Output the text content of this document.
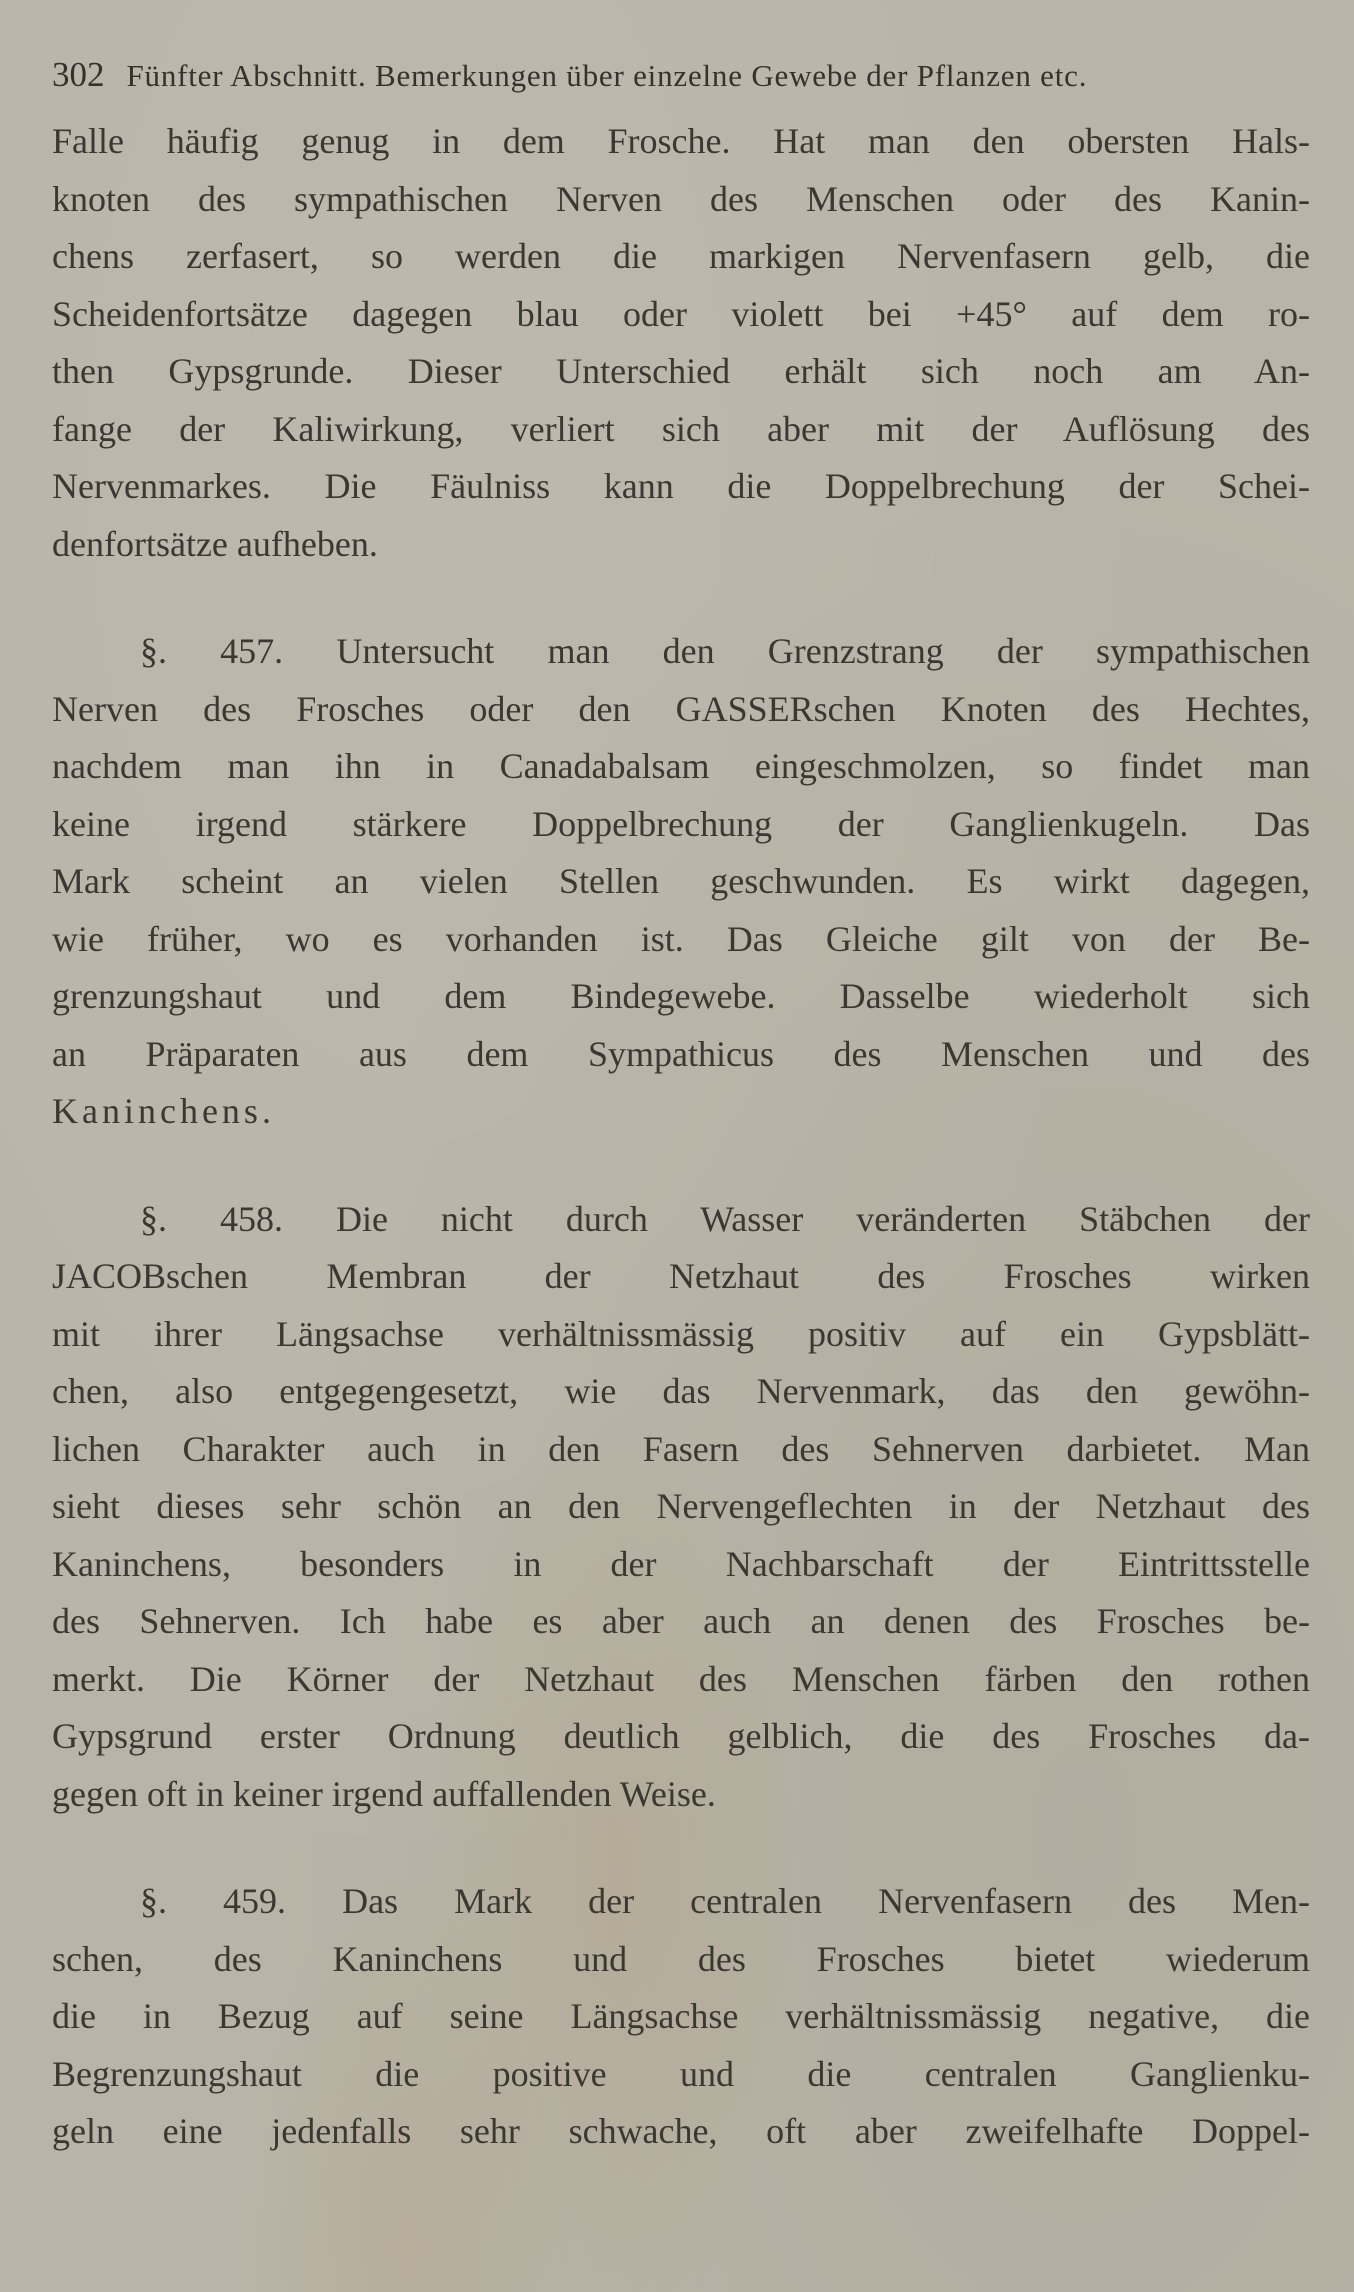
302 Fünfter Abschnitt. Bemerkungen über einzelne Gewebe der Pflanzen etc.
Falle häufig genug in dem Frosche. Hat man den obersten Hals-
knoten des sympathischen Nerven des Menschen oder des Kanin-
chens zerfasert, so werden die markigen Nervenfasern gelb, die
Scheidenfortsätze dagegen blau oder violett bei +45° auf dem ro-
then Gypsgrunde. Dieser Unterschied erhält sich noch am An-
fange der Kaliwirkung, verliert sich aber mit der Auflösung des
Nervenmarkes. Die Fäulniss kann die Doppelbrechung der Schei-
denfortsätze aufheben.
§. 457. Untersucht man den Grenzstrang der sympathischen
Nerven des Frosches oder den GASSERschen Knoten des Hechtes,
nachdem man ihn in Canadabalsam eingeschmolzen, so findet man
keine irgend stärkere Doppelbrechung der Ganglienkugeln. Das
Mark scheint an vielen Stellen geschwunden. Es wirkt dagegen,
wie früher, wo es vorhanden ist. Das Gleiche gilt von der Be-
grenzungshaut und dem Bindegewebe. Dasselbe wiederholt sich
an Präparaten aus dem Sympathicus des Menschen und des
Kaninchens.
§. 458. Die nicht durch Wasser veränderten Stäbchen der
JACOBschen Membran der Netzhaut des Frosches wirken
mit ihrer Längsachse verhältnissmässig positiv auf ein Gypsblätt-
chen, also entgegengesetzt, wie das Nervenmark, das den gewöhn-
lichen Charakter auch in den Fasern des Sehnerven darbietet. Man
sieht dieses sehr schön an den Nervengeflechten in der Netzhaut des
Kaninchens, besonders in der Nachbarschaft der Eintrittsstelle
des Sehnerven. Ich habe es aber auch an denen des Frosches be-
merkt. Die Körner der Netzhaut des Menschen färben den rothen
Gypsgrund erster Ordnung deutlich gelblich, die des Frosches da-
gegen oft in keiner irgend auffallenden Weise.
§. 459. Das Mark der centralen Nervenfasern des Men-
schen, des Kaninchens und des Frosches bietet wiederum
die in Bezug auf seine Längsachse verhältnissmässig negative, die
Begrenzungshaut die positive und die centralen Ganglienku-
geln eine jedenfalls sehr schwache, oft aber zweifelhafte Doppel-
